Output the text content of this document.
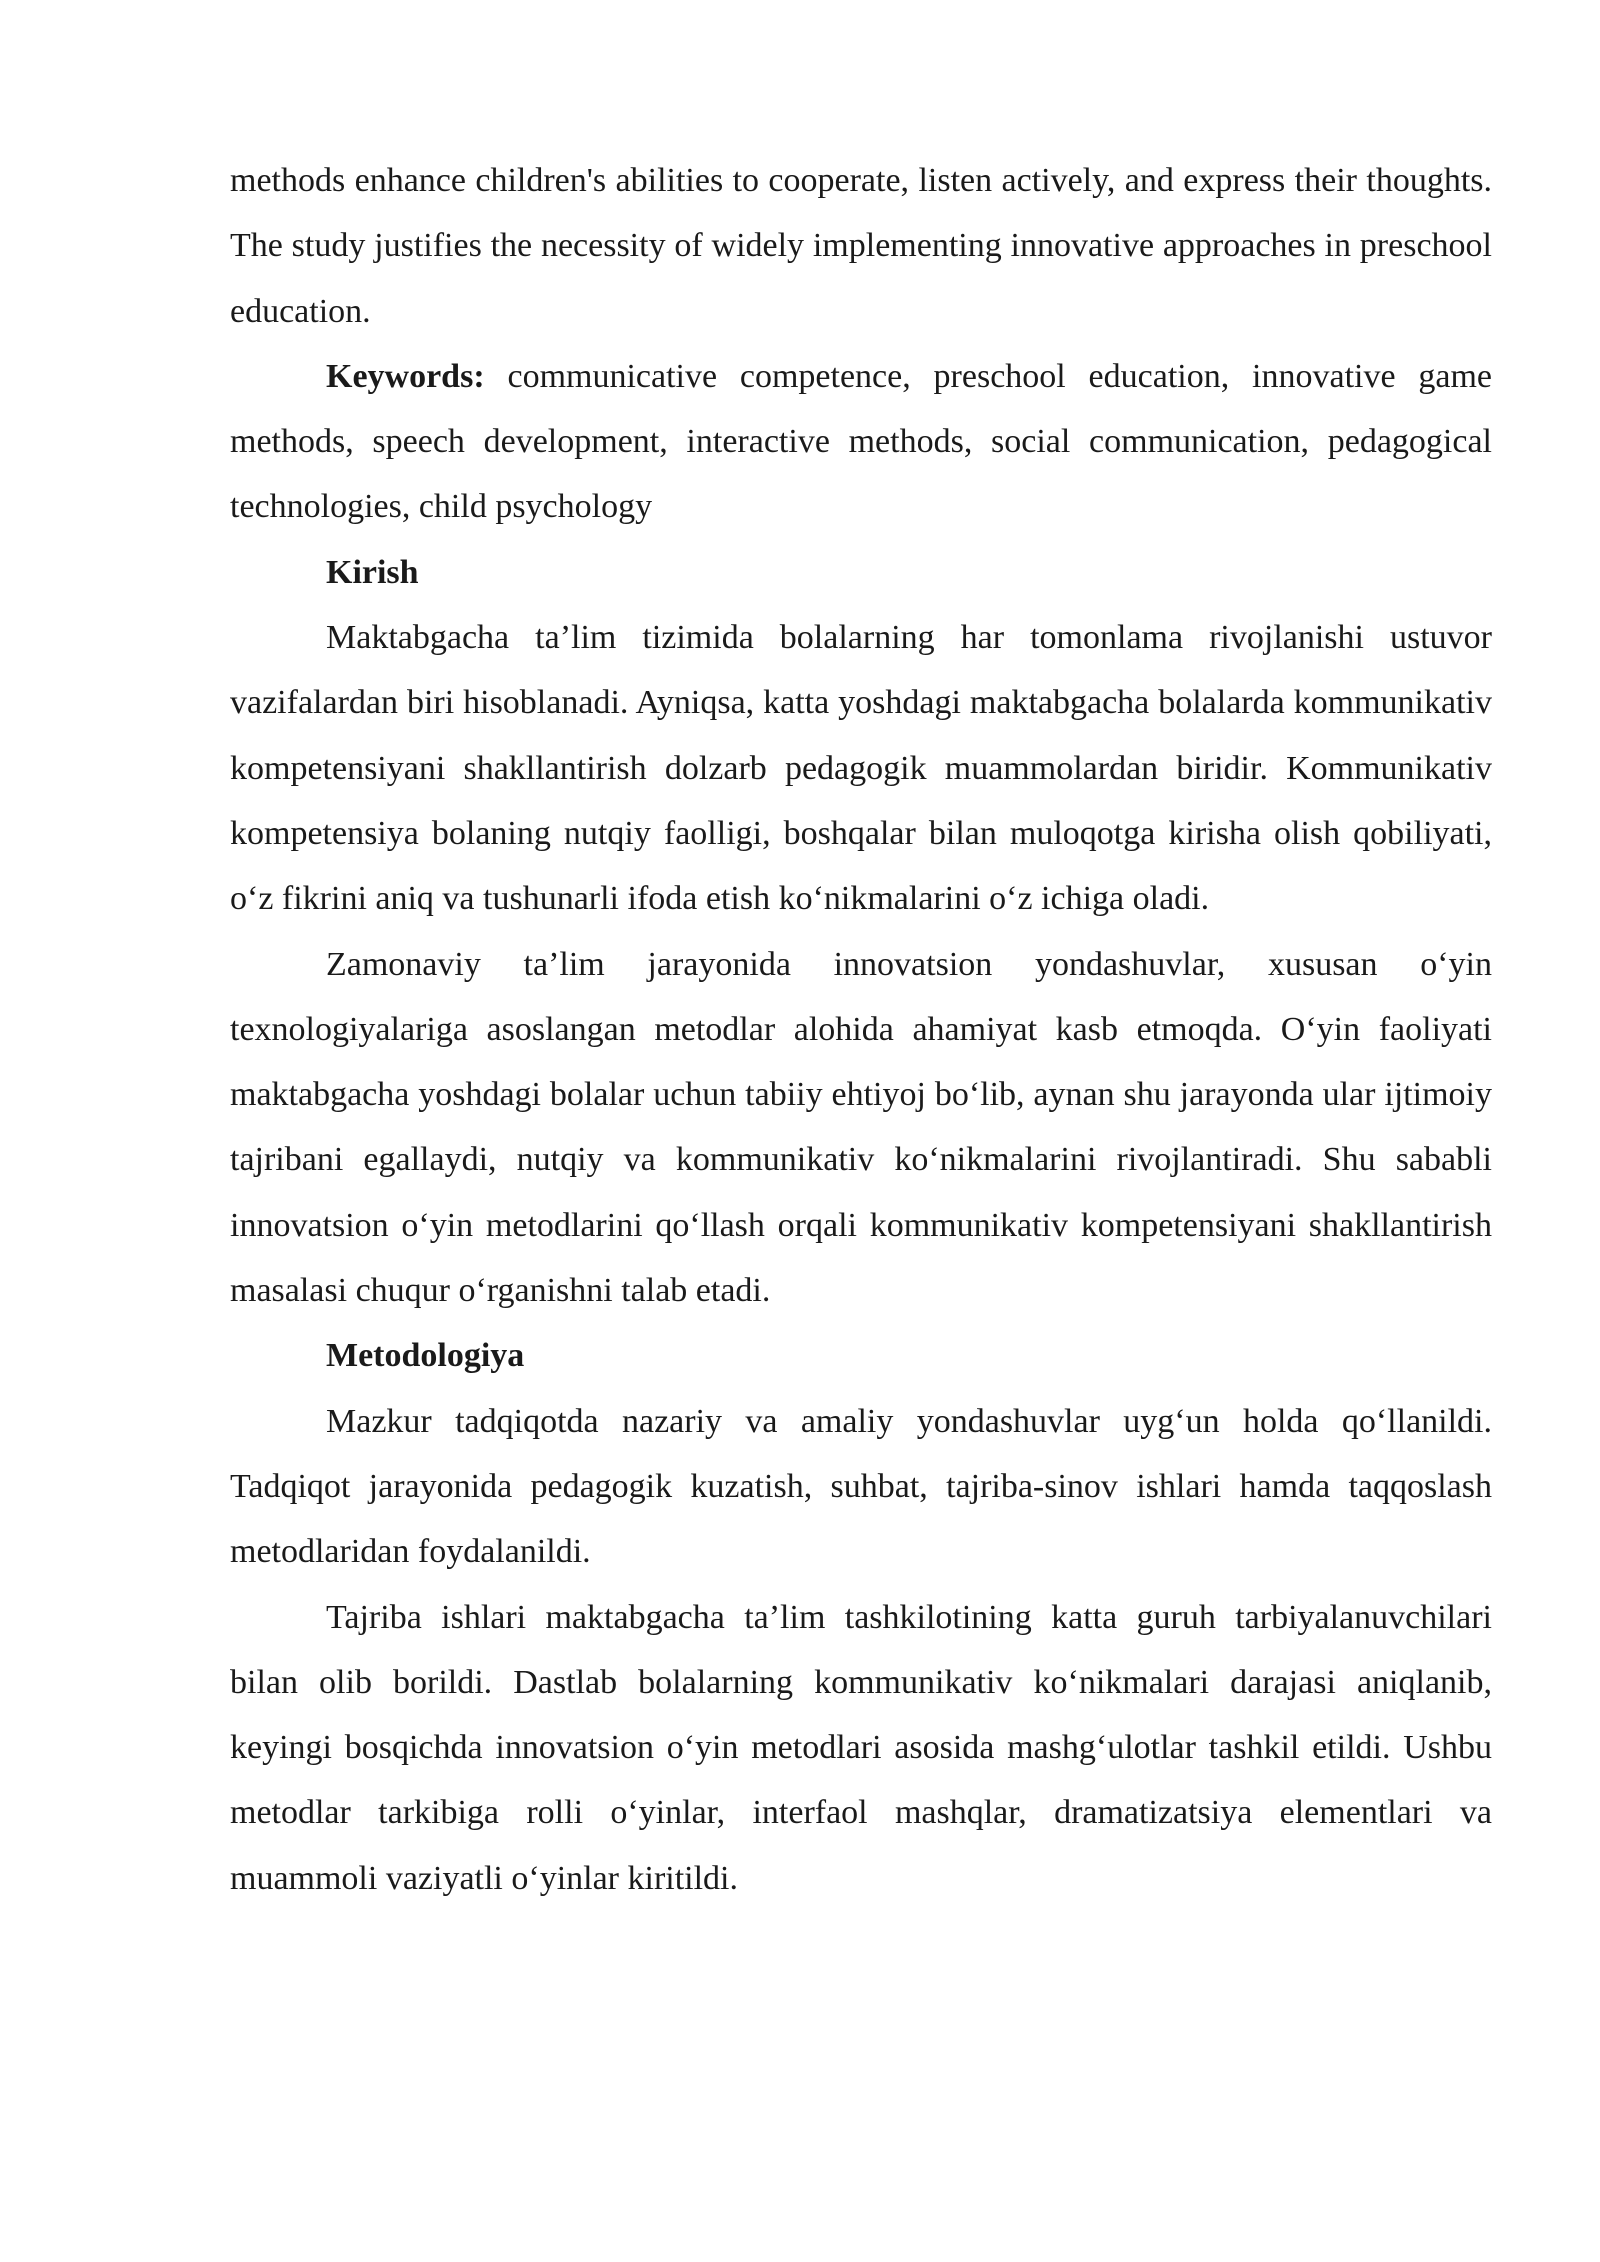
methods enhance children's abilities to cooperate, listen actively, and express their thoughts. The study justifies the necessity of widely implementing innovative approaches in preschool education.

Keywords: communicative competence, preschool education, innovative game methods, speech development, interactive methods, social communication, pedagogical technologies, child psychology

Kirish

Maktabgacha ta’lim tizimida bolalarning har tomonlama rivojlanishi ustuvor vazifalardan biri hisoblanadi. Ayniqsa, katta yoshdagi maktabgacha bolalarda kommunikativ kompetensiyani shakllantirish dolzarb pedagogik muammolardan biridir. Kommunikativ kompetensiya bolaning nutqiy faolligi, boshqalar bilan muloqotga kirisha olish qobiliyati, o‘z fikrini aniq va tushunarli ifoda etish ko‘nikmalarini o‘z ichiga oladi.

Zamonaviy ta’lim jarayonida innovatsion yondashuvlar, xususan o‘yin texnologiyalariga asoslangan metodlar alohida ahamiyat kasb etmoqda. O‘yin faoliyati maktabgacha yoshdagi bolalar uchun tabiiy ehtiyoj bo‘lib, aynan shu jarayonda ular ijtimoiy tajribani egallaydi, nutqiy va kommunikativ ko‘nikmalarini rivojlantiradi. Shu sababli innovatsion o‘yin metodlarini qo‘llash orqali kommunikativ kompetensiyani shakllantirish masalasi chuqur o‘rganishni talab etadi.

Metodologiya

Mazkur tadqiqotda nazariy va amaliy yondashuvlar uyg‘un holda qo‘llanildi. Tadqiqot jarayonida pedagogik kuzatish, suhbat, tajriba-sinov ishlari hamda taqqoslash metodlaridan foydalanildi.

Tajriba ishlari maktabgacha ta’lim tashkilotining katta guruh tarbiyalanuvchilari bilan olib borildi. Dastlab bolalarning kommunikativ ko‘nikmalari darajasi aniqlanib, keyingi bosqichda innovatsion o‘yin metodlari asosida mashg‘ulotlar tashkil etildi. Ushbu metodlar tarkibiga rolli o‘yinlar, interfaol mashqlar, dramatizatsiya elementlari va muammoli vaziyatli o‘yinlar kiritildi.
